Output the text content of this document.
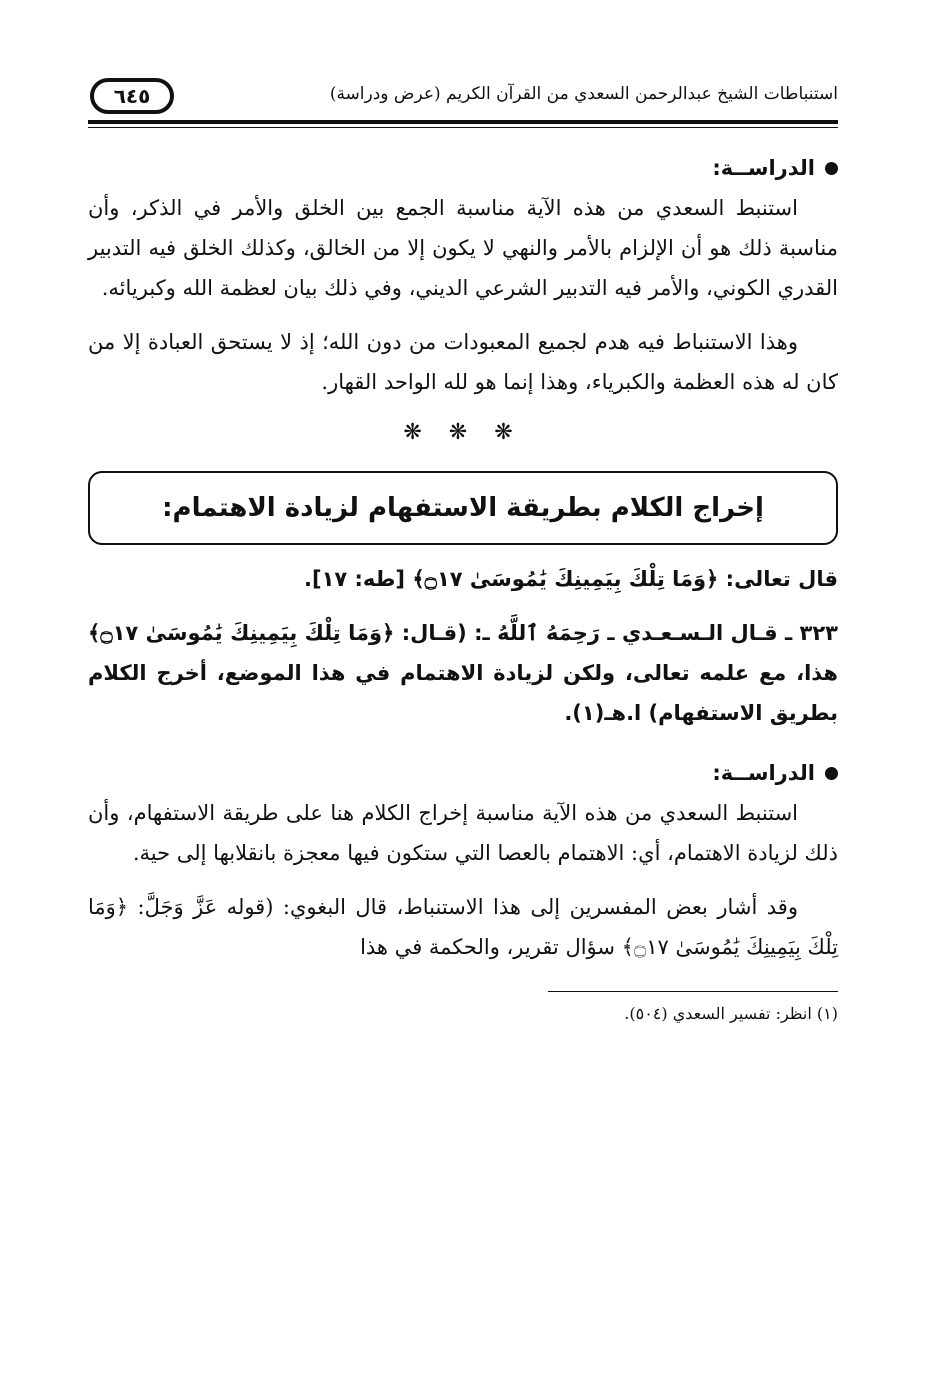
استنباطات الشيخ عبدالرحمن السعدي من القرآن الكريم (عرض ودراسة)
٦٤٥
الدراســة:

استنبط السعدي من هذه الآية مناسبة الجمع بين الخلق والأمر في الذكر، وأن مناسبة ذلك هو أن الإلزام بالأمر والنهي لا يكون إلا من الخالق، وكذلك الخلق فيه التدبير القدري الكوني، والأمر فيه التدبير الشرعي الديني، وفي ذلك بيان لعظمة الله وكبريائه.

وهذا الاستنباط فيه هدم لجميع المعبودات من دون الله؛ إذ لا يستحق العبادة إلا من كان له هذه العظمة والكبرياء، وهذا إنما هو لله الواحد القهار.

❋ ❋ ❋
إخراج الكلام بطريقة الاستفهام لزيادة الاهتمام:

قال تعالى: ﴿وَمَا تِلْكَ بِيَمِينِكَ يَٰمُوسَىٰ ۝١٧﴾ [طه: ١٧].

٣٢٣ ـ قـال الـسـعـدي ـ رَحِمَهُ ٱللَّهُ ـ: (قـال: ﴿وَمَا تِلْكَ بِيَمِينِكَ يَٰمُوسَىٰ ۝١٧﴾ هذا، مع علمه تعالى، ولكن لزيادة الاهتمام في هذا الموضع، أخرج الكلام بطريق الاستفهام) ا.هـ(١).

الدراســة:

استنبط السعدي من هذه الآية مناسبة إخراج الكلام هنا على طريقة الاستفهام، وأن ذلك لزيادة الاهتمام، أي: الاهتمام بالعصا التي ستكون فيها معجزة بانقلابها إلى حية.

وقد أشار بعض المفسرين إلى هذا الاستنباط، قال البغوي: (قوله عَزَّ وَجَلَّ: ﴿وَمَا تِلْكَ بِيَمِينِكَ يَٰمُوسَىٰ ۝١٧﴾ سؤال تقرير، والحكمة في هذا

(١) انظر: تفسير السعدي (٥٠٤).
